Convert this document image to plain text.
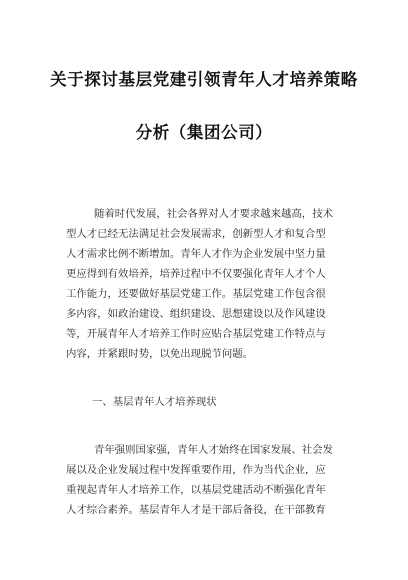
关于探讨基层党建引领青年人才培养策略
分析（集团公司）
随着时代发展，社会各界对人才要求越来越高，技术
型人才已经无法满足社会发展需求，创新型人才和复合型
人才需求比例不断增加。青年人才作为企业发展中坚力量
更应得到有效培养，培养过程中不仅要强化青年人才个人
工作能力，还要做好基层党建工作。基层党建工作包含很
多内容，如政治建设、组织建设、思想建设以及作风建设
等，开展青年人才培养工作时应贴合基层党建工作特点与
内容，并紧跟时势，以免出现脱节问题。
一、基层青年人才培养现状
青年强则国家强，青年人才始终在国家发展、社会发
展以及企业发展过程中发挥重要作用，作为当代企业，应
重视起青年人才培养工作，以基层党建活动不断强化青年
人才综合素养。基层青年人才是干部后备役，在干部教育
